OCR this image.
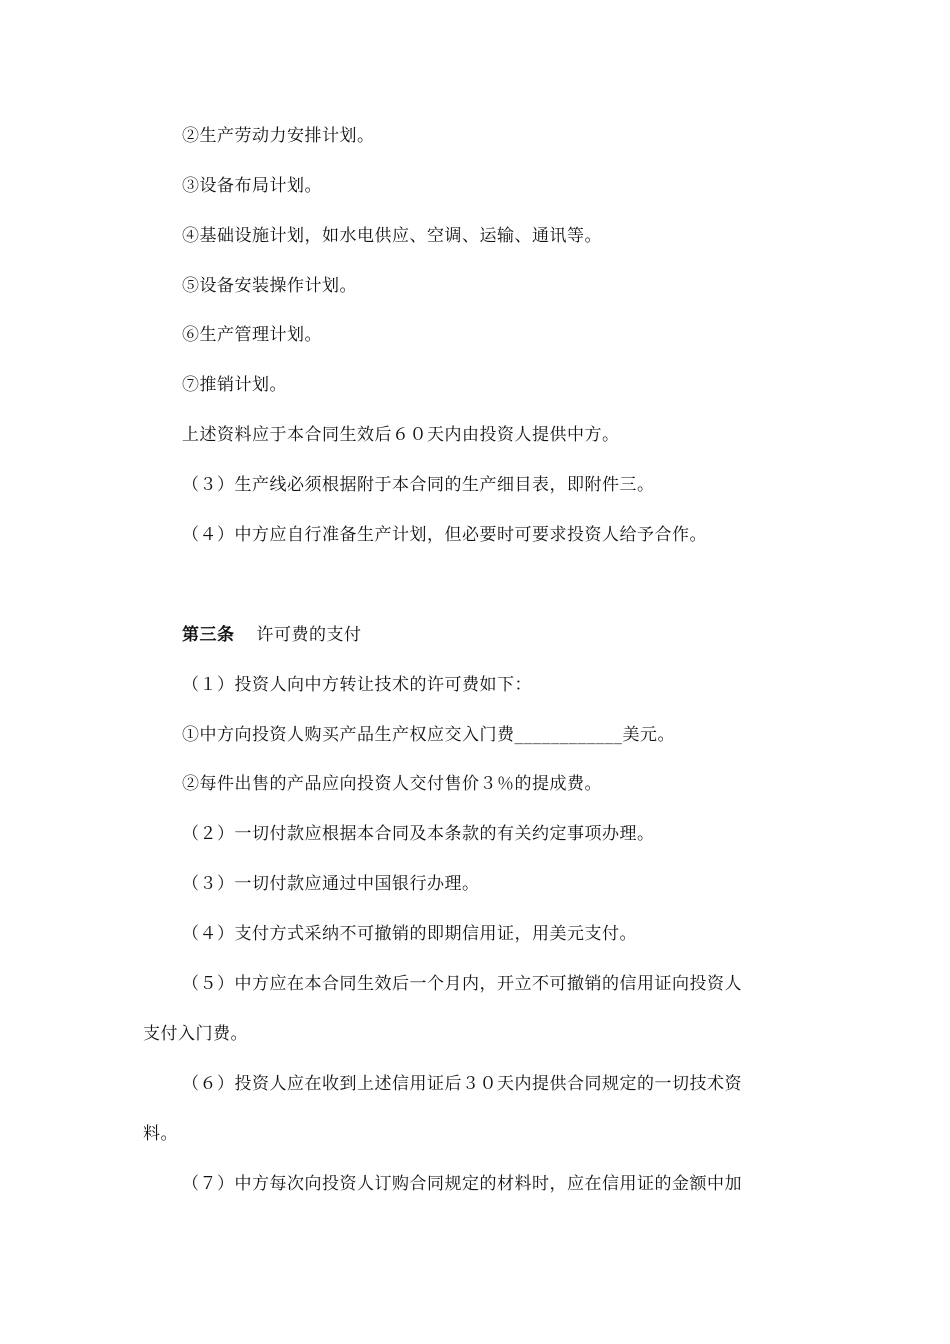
②生产劳动力安排计划。
③设备布局计划。
④基础设施计划，如水电供应、空调、运输、通讯等。
⑤设备安装操作计划。
⑥生产管理计划。
⑦推销计划。
上述资料应于本合同生效后６０天内由投资人提供中方。
（３）生产线必须根据附于本合同的生产细目表，即附件三。
（４）中方应自行准备生产计划，但必要时可要求投资人给予合作。
第三条 许可费的支付
（１）投资人向中方转让技术的许可费如下：
①中方向投资人购买产品生产权应交入门费____________美元。
②每件出售的产品应向投资人交付售价３％的提成费。
（２）一切付款应根据本合同及本条款的有关约定事项办理。
（３）一切付款应通过中国银行办理。
（４）支付方式采纳不可撤销的即期信用证，用美元支付。
（５）中方应在本合同生效后一个月内，开立不可撤销的信用证向投资人
支付入门费。
（６）投资人应在收到上述信用证后３０天内提供合同规定的一切技术资
料。
（７）中方每次向投资人订购合同规定的材料时，应在信用证的金额中加
